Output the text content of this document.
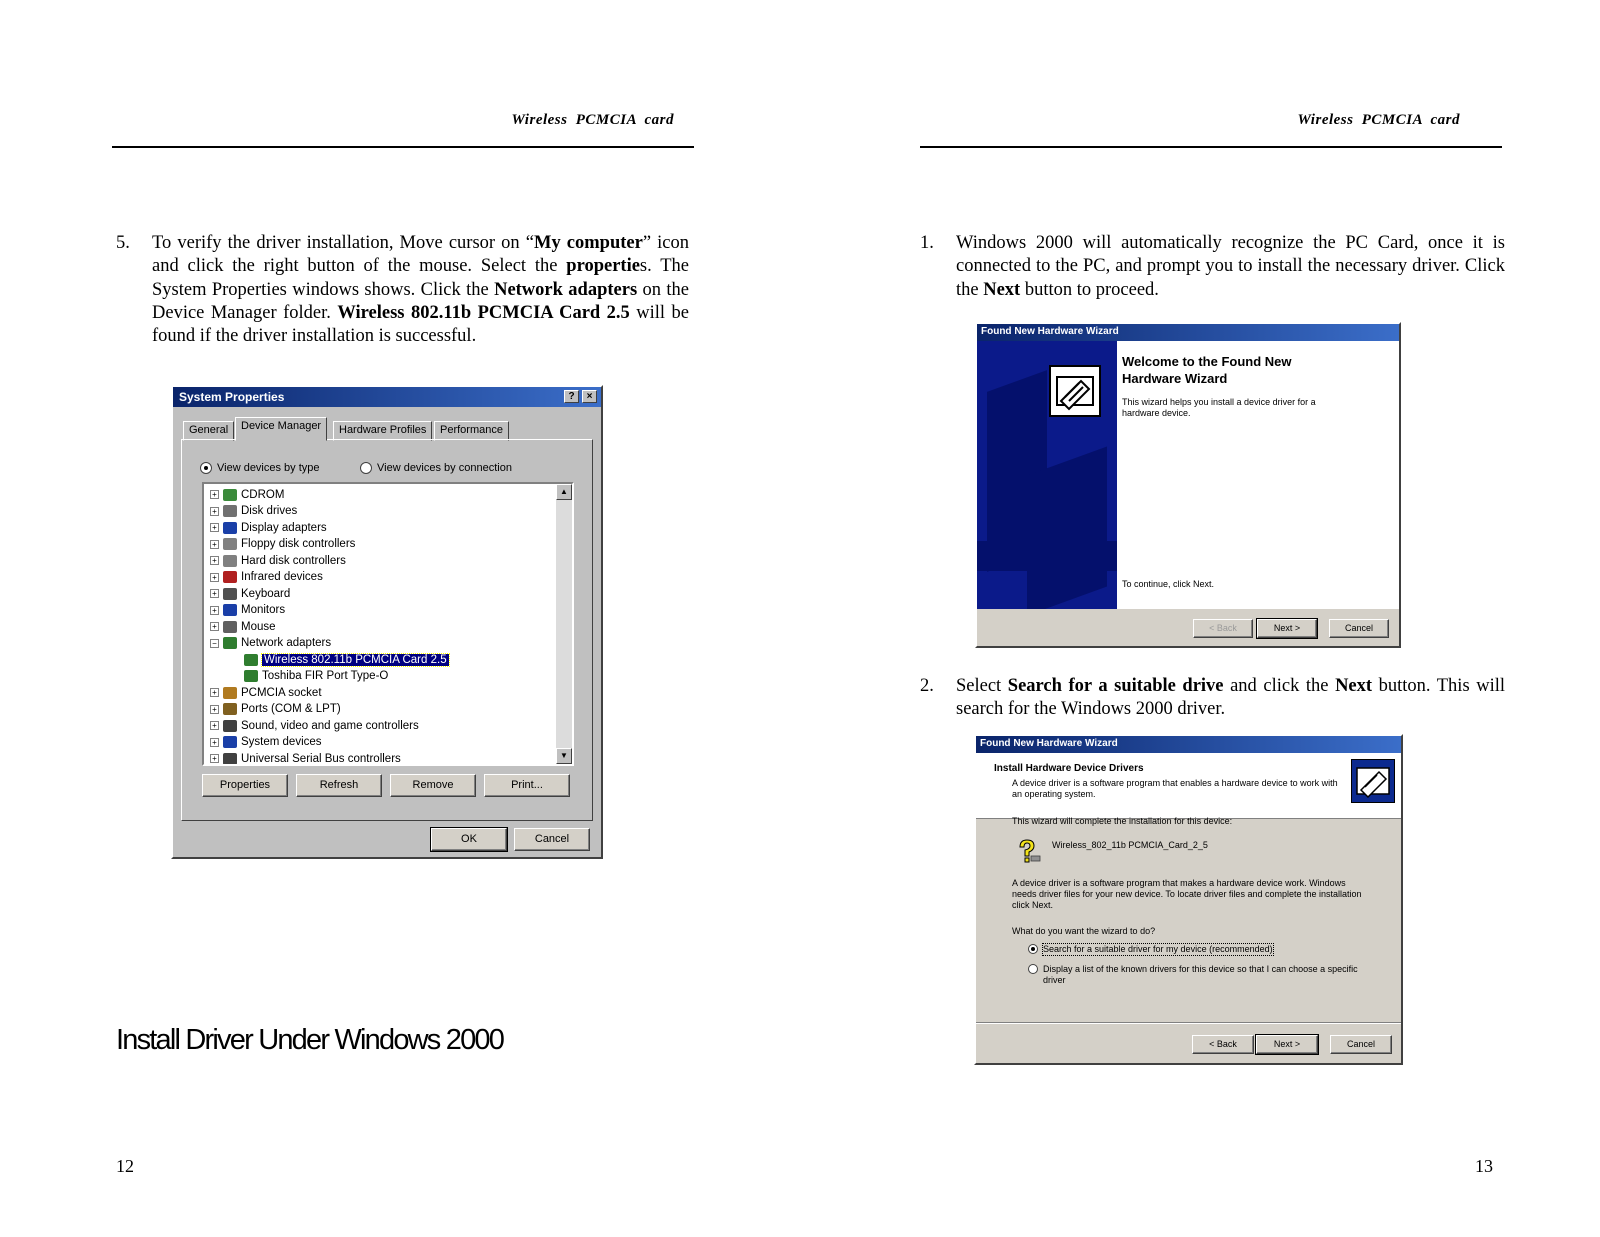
Wireless PCMCIA card
5. To verify the driver installation, Move cursor on “My computer” icon and click the right button of the mouse. Select the properties. The System Properties windows shows. Click the Network adapters on the Device Manager folder. Wireless 802.11b PCMCIA Card 2.5 will be found if the driver installation is successful.
System Properties	?	×
General	Device Manager	Hardware Profiles	Performance
View devices by type	View devices by connection
+ CDROM
+ Disk drives
+ Display adapters
+ Floppy disk controllers
+ Hard disk controllers
+ Infrared devices
+ Keyboard
+ Monitors
+ Mouse
− Network adapters
Wireless 802.11b PCMCIA Card 2.5
Toshiba FIR Port Type-O
+ PCMCIA socket
+ Ports (COM & LPT)
+ Sound, video and game controllers
+ System devices
+ Universal Serial Bus controllers
▲
▼
Properties	Refresh	Remove	Print...
OK	Cancel
Install Driver Under Windows 2000
12
Wireless PCMCIA card
1. Windows 2000 will automatically recognize the PC Card, once it is connected to the PC, and prompt you to install the necessary driver. Click the Next button to proceed.
2. Select Search for a suitable drive and click the Next button. This will search for the Windows 2000 driver.
13
Found New Hardware Wizard
Welcome to the Found New Hardware Wizard
This wizard helps you install a device driver for a hardware device.
To continue, click Next.
< Back	Next >	Cancel
Found New Hardware Wizard
Install Hardware Device Drivers
A device driver is a software program that enables a hardware device to work with an operating system.
This wizard will complete the installation for this device:
Wireless_802_11b PCMCIA_Card_2_5
A device driver is a software program that makes a hardware device work. Windows needs driver files for your new device. To locate driver files and complete the installation click Next.
What do you want the wizard to do?
Search for a suitable driver for my device (recommended)
Display a list of the known drivers for this device so that I can choose a specific driver
< Back	Next >	Cancel
